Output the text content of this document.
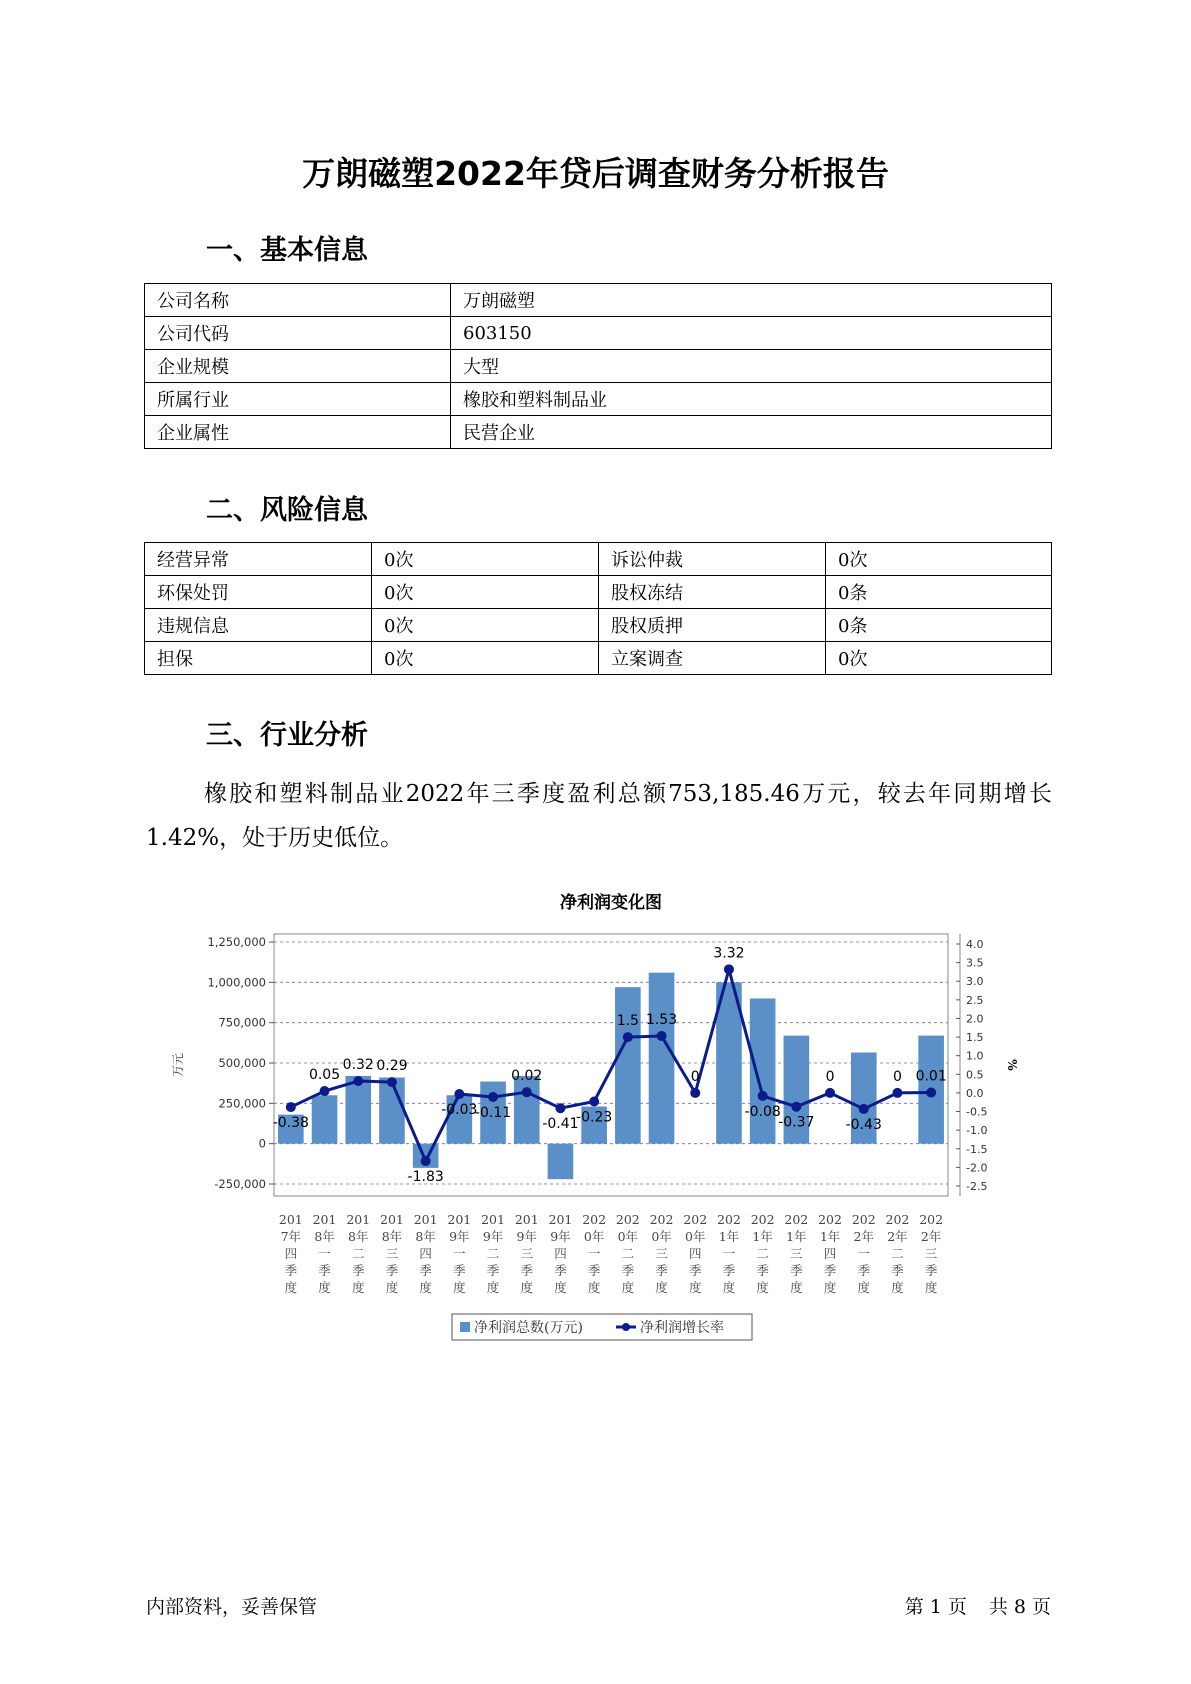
万朗磁塑2022年贷后调查财务分析报告
一、基本信息
公司名称	万朗磁塑
公司代码	603150
企业规模	大型
所属行业	橡胶和塑料制品业
企业属性	民营企业
二、风险信息
经营异常	0次	诉讼仲裁	0次
环保处罚	0次	股权冻结	0条
违规信息	0次	股权质押	0条
担保	0次	立案调查	0次
三、行业分析
橡胶和塑料制品业2022年三季度盈利总额753,185.46万元，较去年同期增长1.42%，处于历史低位。
净利润变化图
1,250,000
1,000,000
750,000
500,000
250,000
0
-250,000
万元
4.0
3.5
3.0
2.5
2.0
1.5
1.0
0.5
0.0
-0.5
-1.0
-1.5
-2.0
-2.5
%
-0.38
0.05
0.32 0.29
-1.83
-0.03
-0.11
0.02
-0.41
-0.23
1.5 1.53
0
3.32
-0.08
-0.37
0
-0.43
0 0.01
201 7年四季度
201 8年一季度
201 8年二季度
201 8年三季度
201 8年四季度
201 9年一季度
201 9年二季度
201 9年三季度
201 9年四季度
202 0年一季度
202 0年二季度
202 0年三季度
202 0年四季度
202 1年一季度
202 1年二季度
202 1年三季度
202 1年四季度
202 2年一季度
202 2年二季度
202 2年三季度
净利润总数(万元)	净利润增长率
内部资料，妥善保管	第 1 页 共 8 页
